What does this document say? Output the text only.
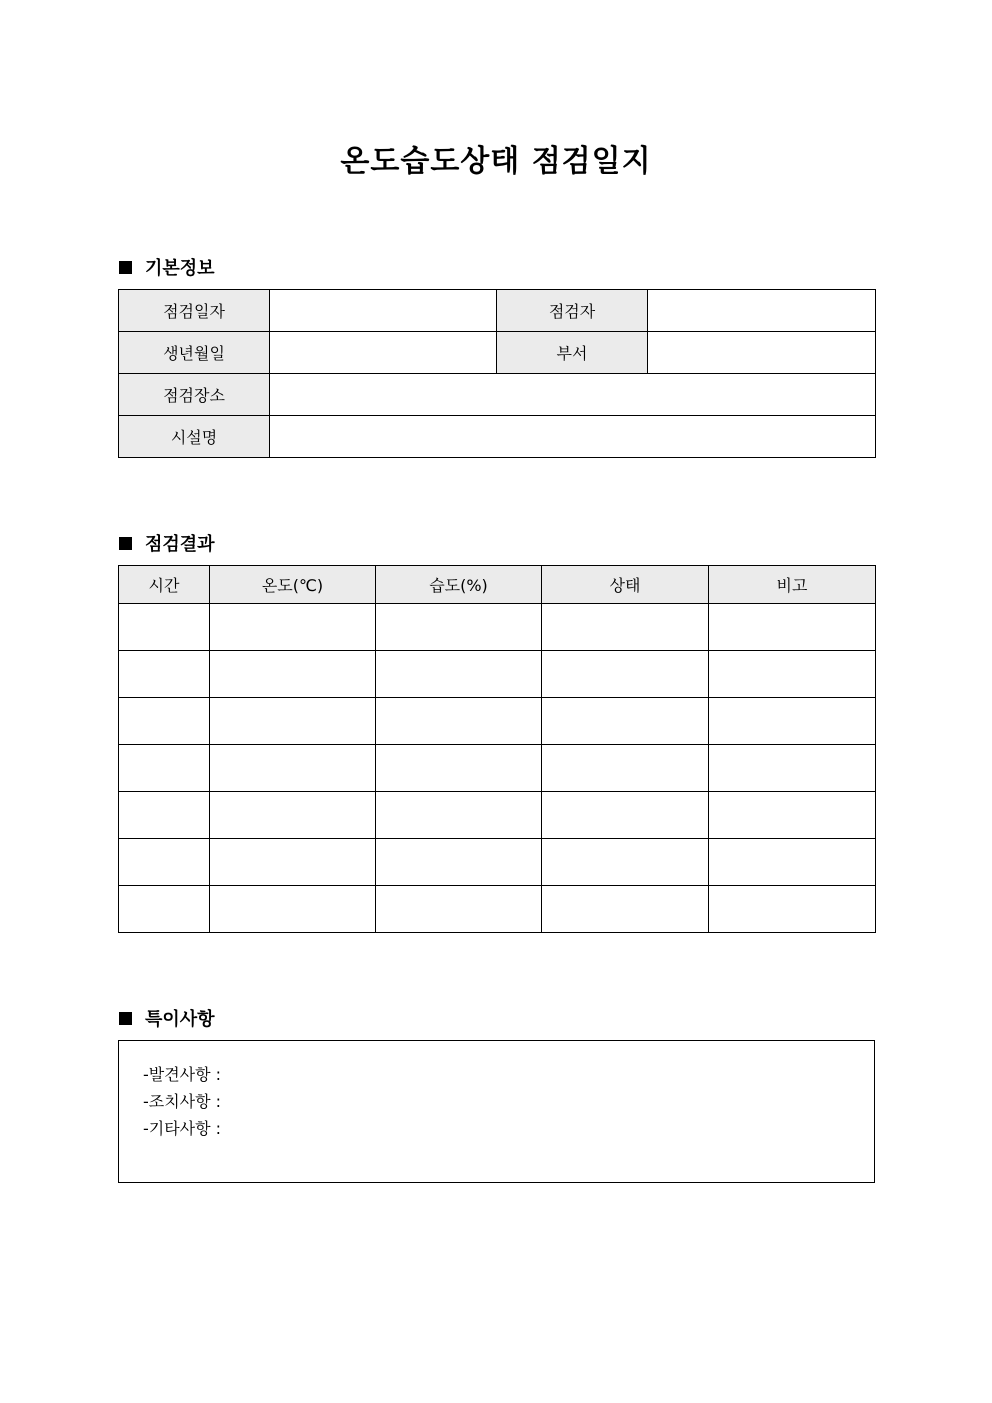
온도습도상태 점검일지
기본정보
점검일자		점검자	
생년월일		부서	
점검장소			
시설명			
점검결과
시간	온도(℃)	습도(%)	상태	비고

특이사항
-발견사항 :
-조치사항 :
-기타사항 :
